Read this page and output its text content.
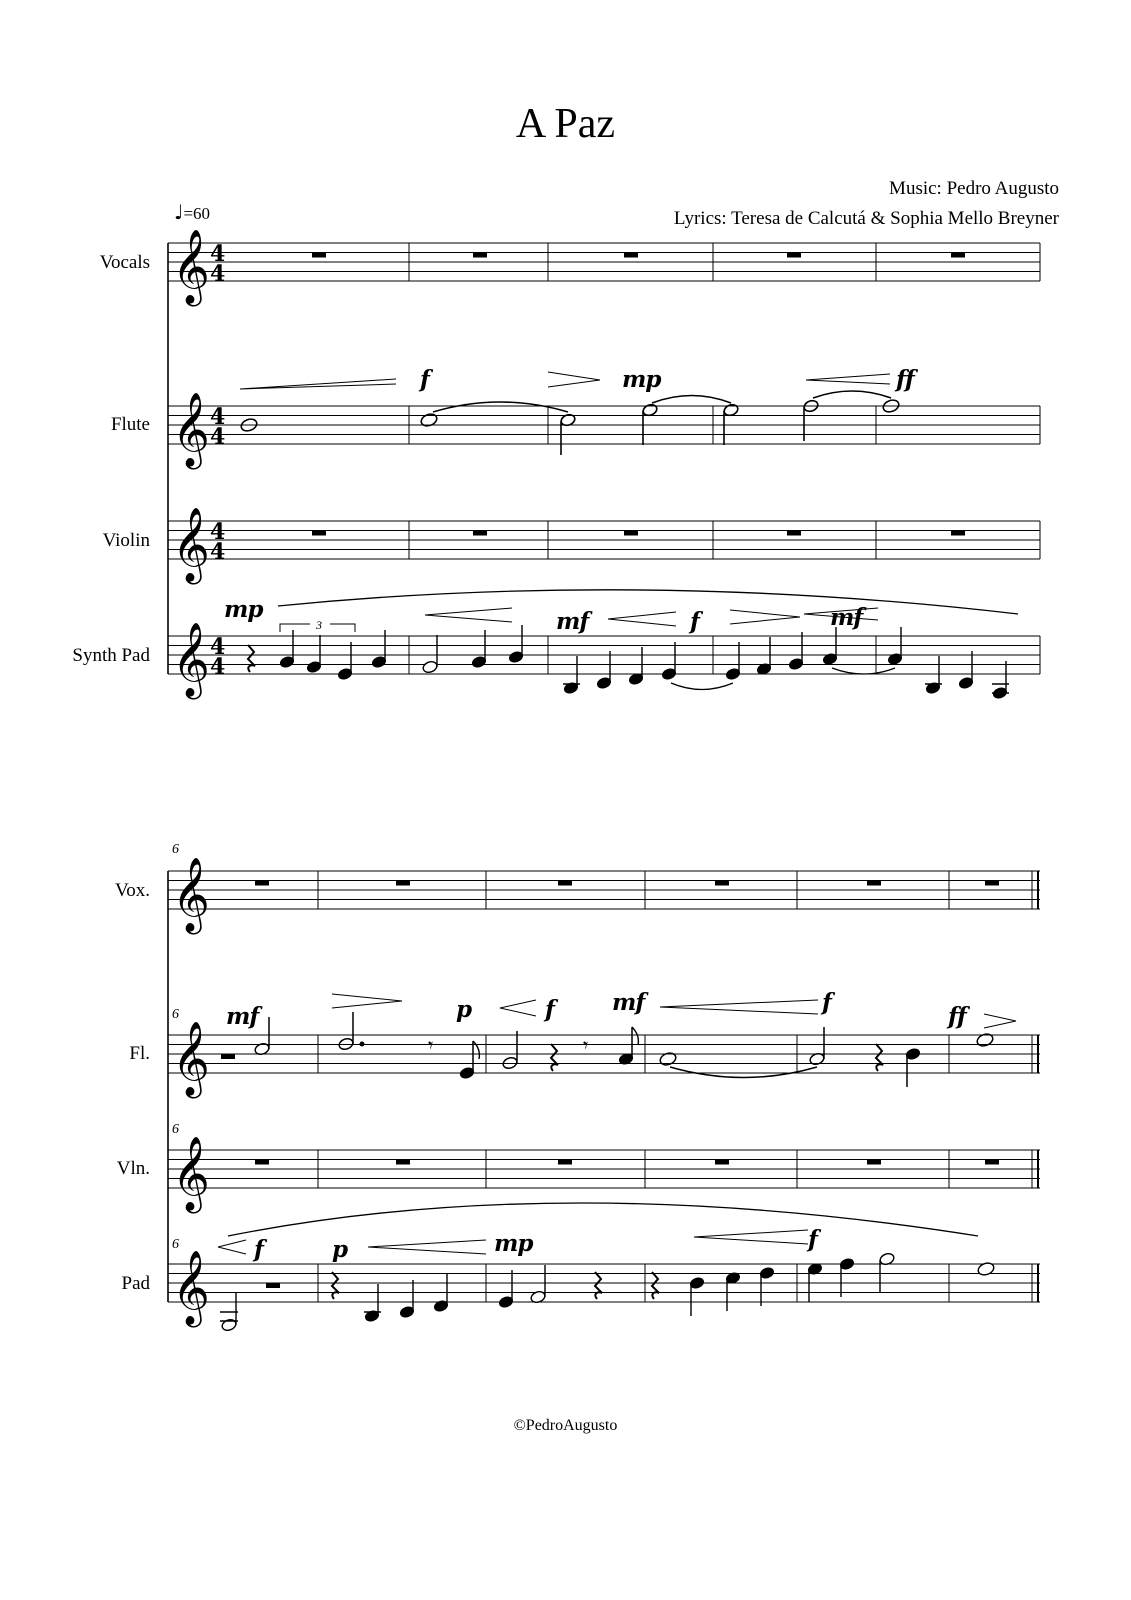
A Paz
Music: Pedro Augusto
Lyrics: Teresa de Calcutá & Sophia Mello Breyner
♩=60
Vocals
Flute
Violin
Synth Pad
Vox.
Fl.
Vln.
Pad
6
6
6
6
f	mp	ff
mp	mf	f	mf
mf	p	f	mf	f
ff
f	p	mp	f
𝄞 4
4
𝄞 4
4
𝄞 4
4
𝄞 4
4
3
𝄞
𝄞	𝄾	𝄾
𝄞
𝄞
©PedroAugusto
